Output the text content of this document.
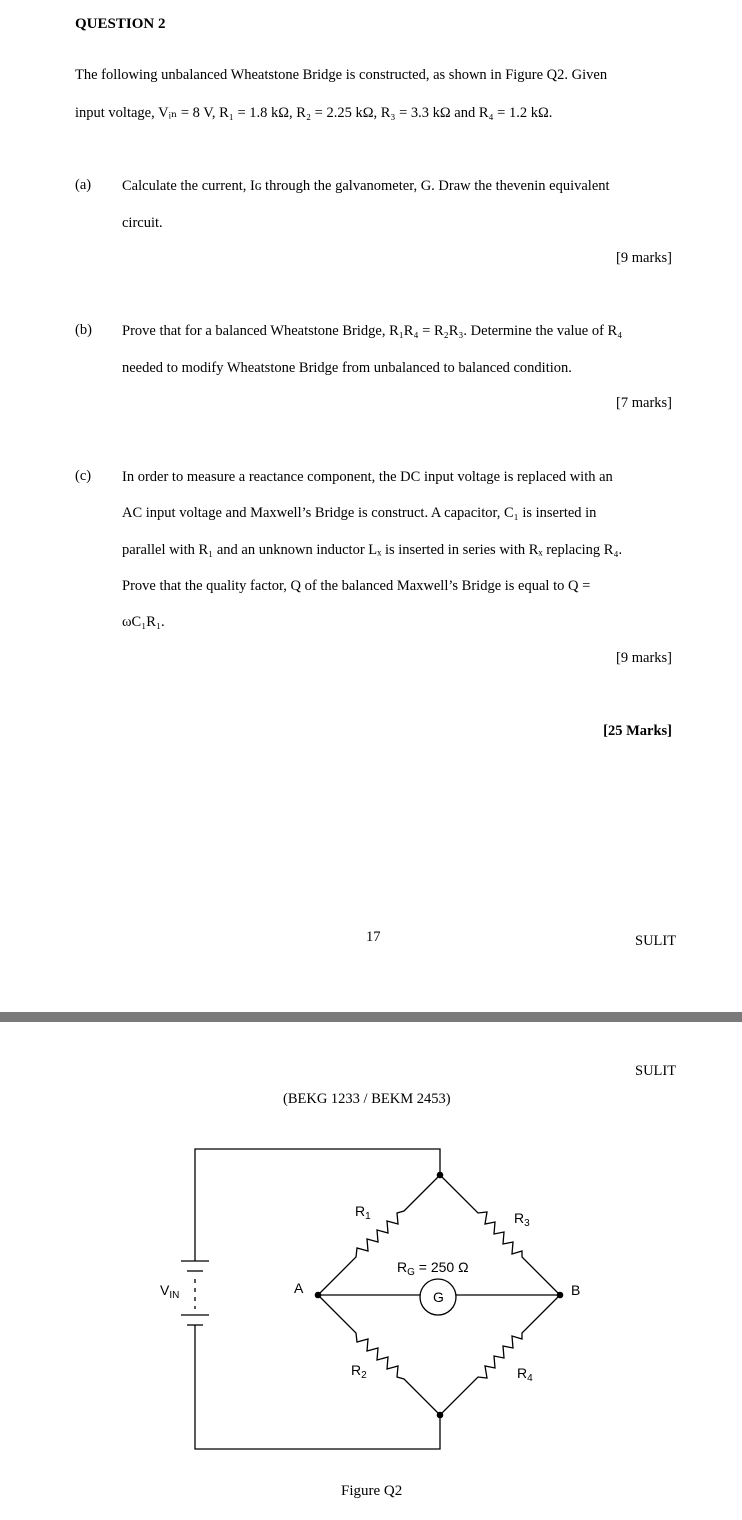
QUESTION 2
The following unbalanced Wheatstone Bridge is constructed, as shown in Figure Q2. Given
input voltage, Vᵢₙ = 8 V, R₁ = 1.8 kΩ, R₂ = 2.25 kΩ, R₃ = 3.3 kΩ and R₄ = 1.2 kΩ.
(a) Calculate the current, Iɢ through the galvanometer, G. Draw the thevenin equivalent
circuit.
[9 marks]
(b) Prove that for a balanced Wheatstone Bridge, R₁R₄ = R₂R₃. Determine the value of R₄
needed to modify Wheatstone Bridge from unbalanced to balanced condition.
[7 marks]
(c) In order to measure a reactance component, the DC input voltage is replaced with an
AC input voltage and Maxwell’s Bridge is construct. A capacitor, C₁ is inserted in
parallel with R₁ and an unknown inductor Lₓ is inserted in series with Rₓ replacing R₄.
Prove that the quality factor, Q of the balanced Maxwell’s Bridge is equal to Q =
ωC₁R₁.
[9 marks]
[25 Marks]
17	SULIT
SULIT
(BEKG 1233 / BEKM 2453)
$V_{IN}$
$R_1$	$R_3$
$R_2$	$R_4$
$R_G = 250$ Ω
G
A	B
Figure Q2
